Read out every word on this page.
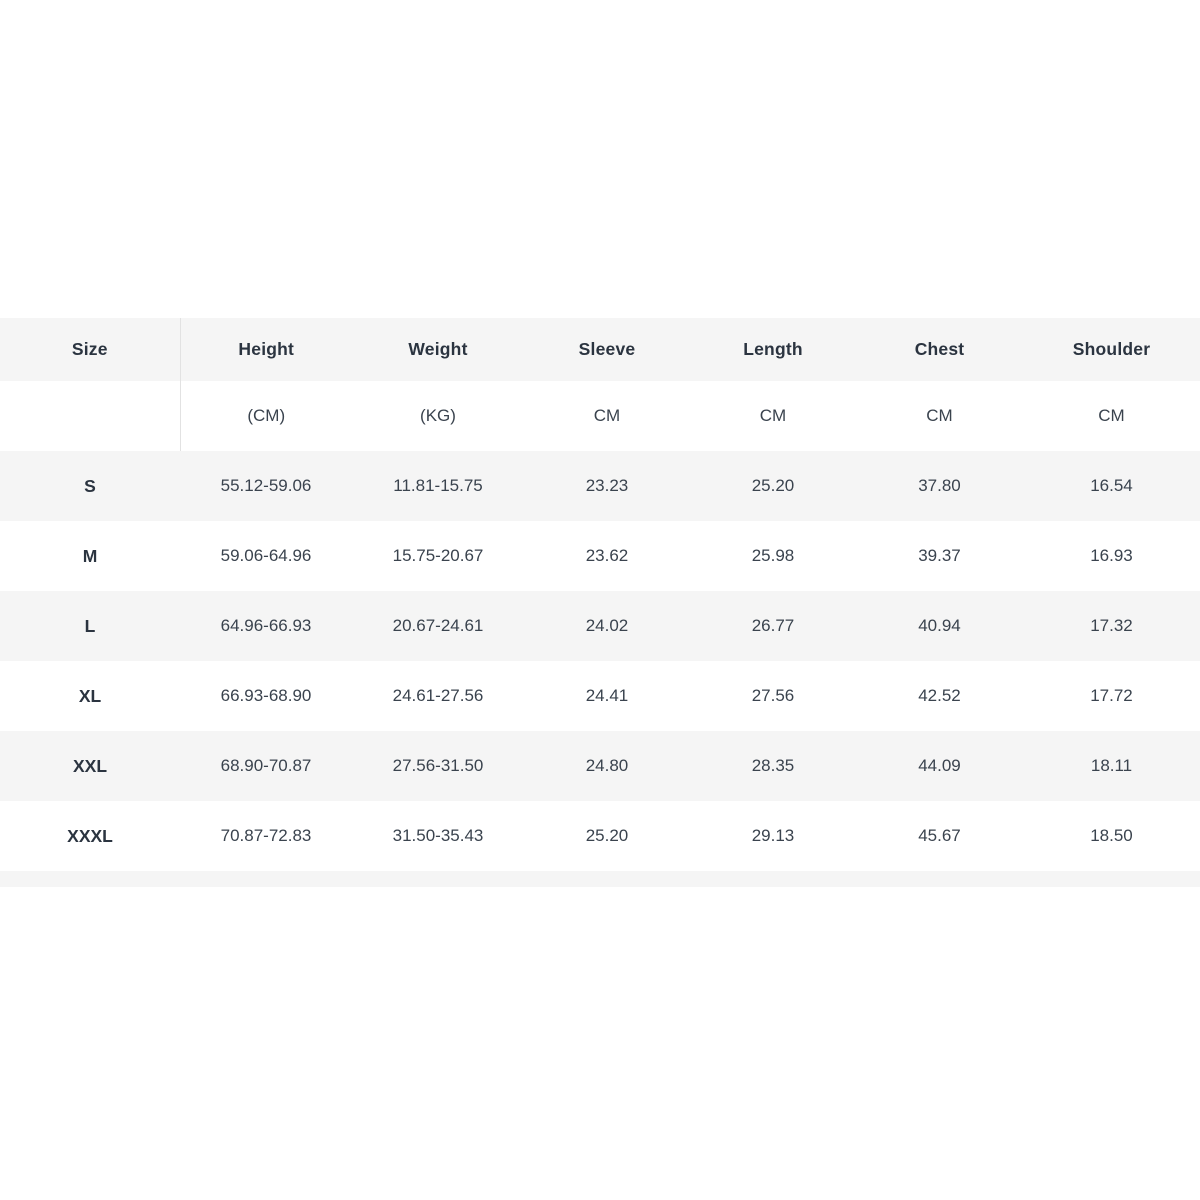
Size	Height	Weight	Sleeve	Length	Chest	Shoulder
	(CM)	(KG)	CM	CM	CM	CM
S	55.12-59.06	11.81-15.75	23.23	25.20	37.80	16.54
M	59.06-64.96	15.75-20.67	23.62	25.98	39.37	16.93
L	64.96-66.93	20.67-24.61	24.02	26.77	40.94	17.32
XL	66.93-68.90	24.61-27.56	24.41	27.56	42.52	17.72
XXL	68.90-70.87	27.56-31.50	24.80	28.35	44.09	18.11
XXXL	70.87-72.83	31.50-35.43	25.20	29.13	45.67	18.50
